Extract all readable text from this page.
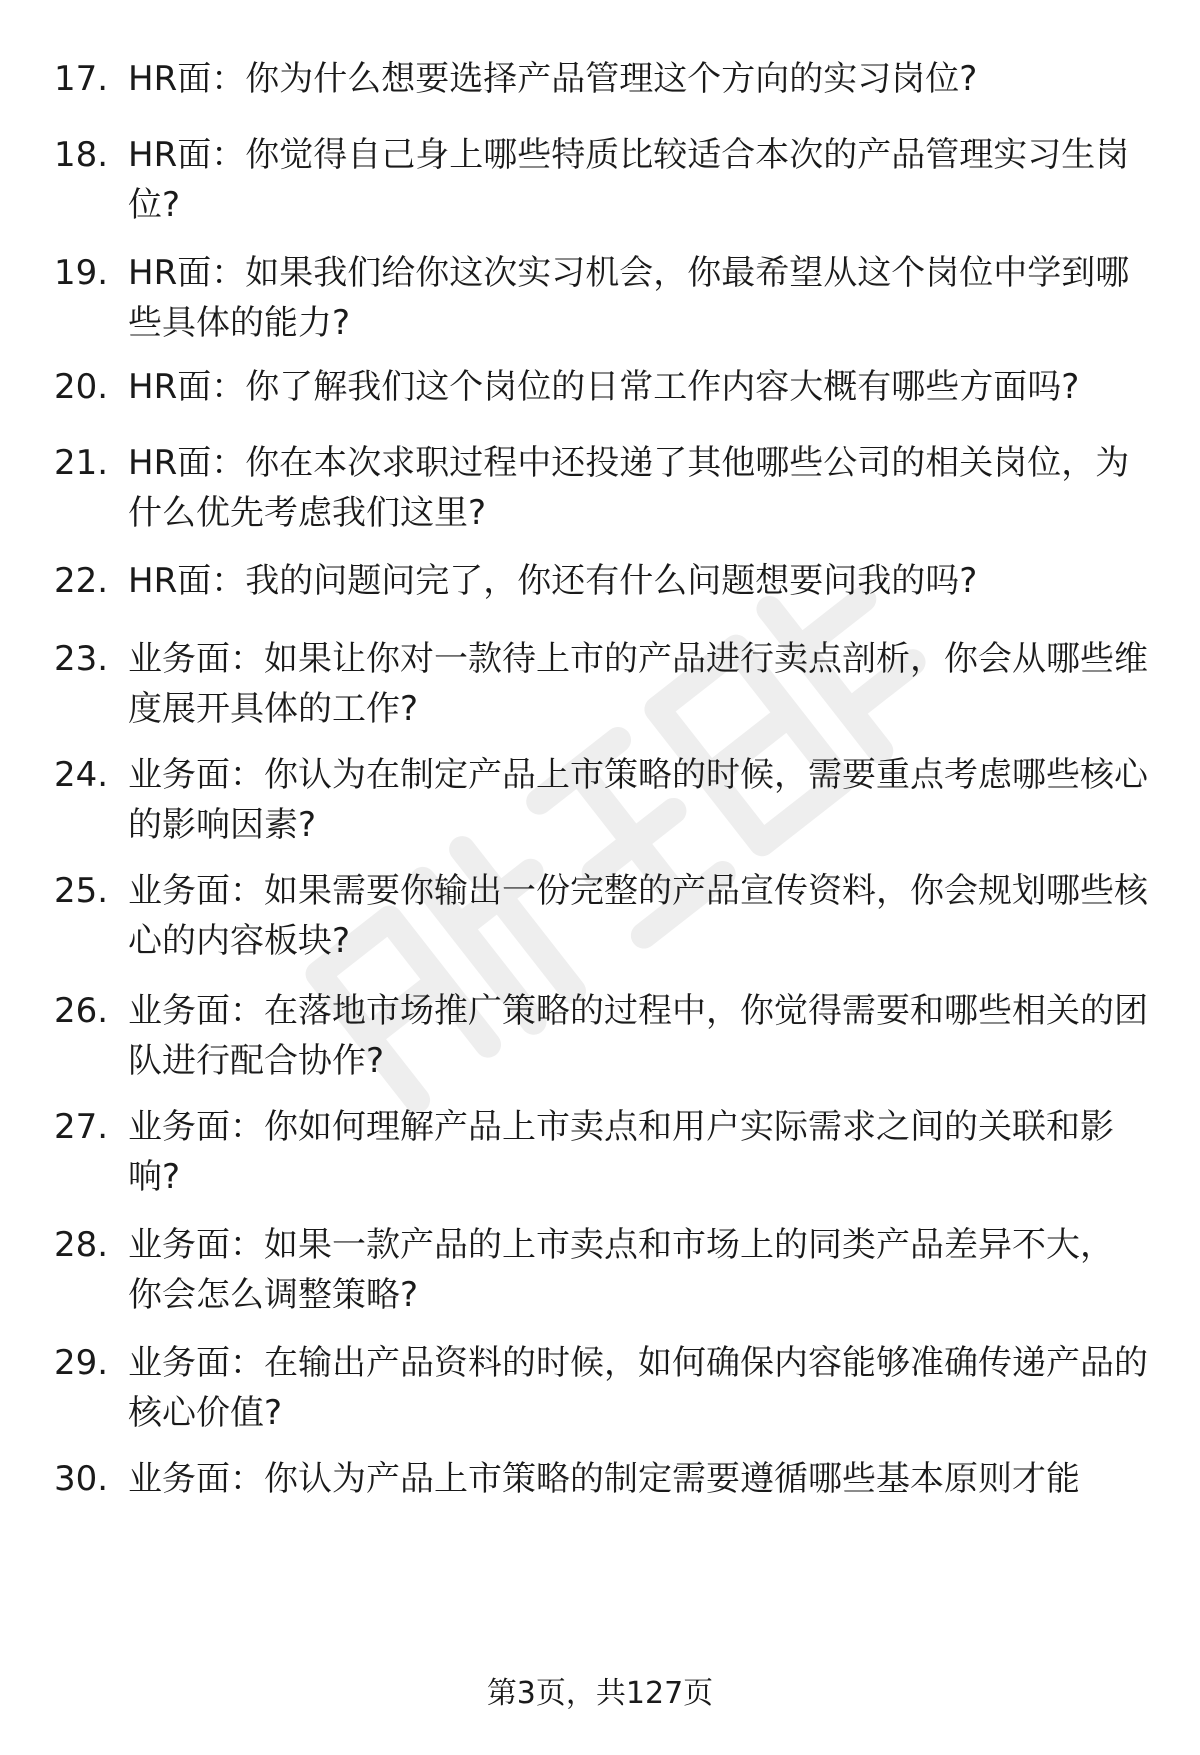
17. HR面：你为什么想要选择产品管理这个方向的实习岗位?
18. HR面：你觉得自己身上哪些特质比较适合本次的产品管理实习生岗位?
19. HR面：如果我们给你这次实习机会，你最希望从这个岗位中学到哪些具体的能力?
20. HR面：你了解我们这个岗位的日常工作内容大概有哪些方面吗?
21. HR面：你在本次求职过程中还投递了其他哪些公司的相关岗位，为什么优先考虑我们这里?
22. HR面：我的问题问完了，你还有什么问题想要问我的吗?
23. 业务面：如果让你对一款待上市的产品进行卖点剖析，你会从哪些维度展开具体的工作?
24. 业务面：你认为在制定产品上市策略的时候，需要重点考虑哪些核心的影响因素?
25. 业务面：如果需要你输出一份完整的产品宣传资料，你会规划哪些核心的内容板块?
26. 业务面：在落地市场推广策略的过程中，你觉得需要和哪些相关的团队进行配合协作?
27. 业务面：你如何理解产品上市卖点和用户实际需求之间的关联和影响?
28. 业务面：如果一款产品的上市卖点和市场上的同类产品差异不大，你会怎么调整策略?
29. 业务面：在输出产品资料的时候，如何确保内容能够准确传递产品的核心价值?
30. 业务面：你认为产品上市策略的制定需要遵循哪些基本原则才能
第3页，共127页
